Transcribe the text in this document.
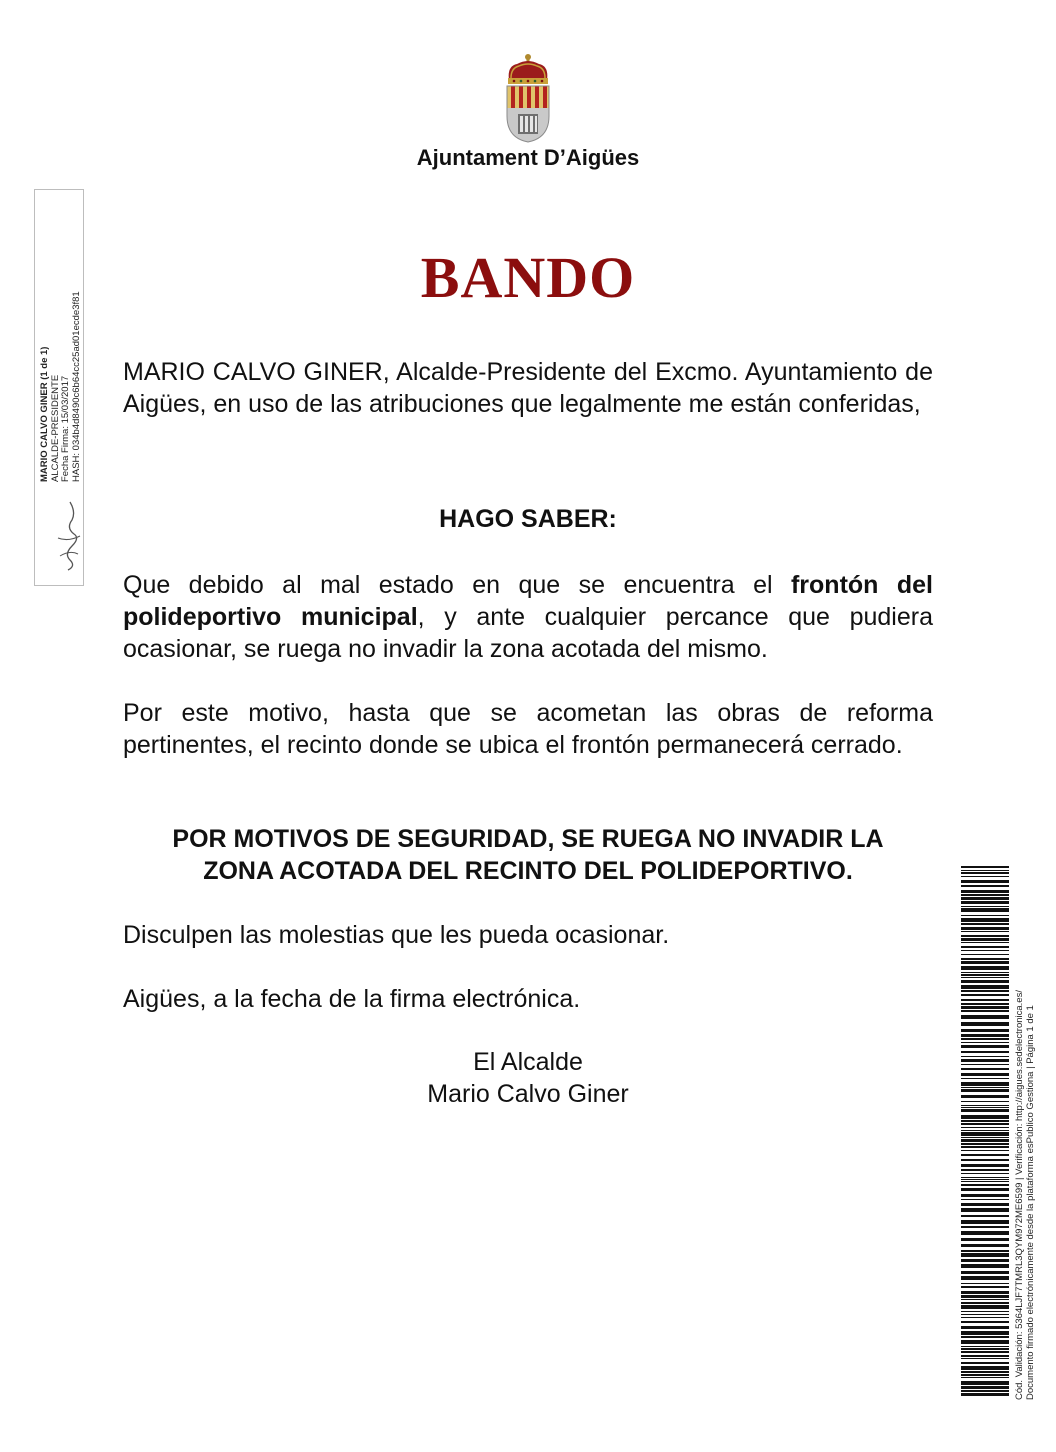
Ajuntament D’Aigües
BANDO

MARIO CALVO GINER, Alcalde-Presidente del Excmo. Ayuntamiento de Aigües, en uso de las atribuciones que legalmente me están conferidas,

HAGO SABER:

Que debido al mal estado en que se encuentra el frontón del polideportivo municipal, y ante cualquier percance que pudiera ocasionar, se ruega no invadir la zona acotada del mismo.

Por este motivo, hasta que se acometan las obras de reforma pertinentes, el recinto donde se ubica el frontón permanecerá cerrado.

POR MOTIVOS DE SEGURIDAD, SE RUEGA NO INVADIR LA
ZONA ACOTADA DEL RECINTO DEL POLIDEPORTIVO.

Disculpen las molestias que les pueda ocasionar.

Aigües, a la fecha de la firma electrónica.

El Alcalde
Mario Calvo Giner
MARIO CALVO GINER (1 de 1) ALCALDE-PRESIDENTE Fecha Firma: 15/03/2017 HASH: 034b4d8490c6b64cc25ad01ecde3f81
Cód. Validación: 5364LJF7TMRL3QYM972ME6599 | Verificación: http://aigues.sedelectronica.es/ Documento firmado electrónicamente desde la plataforma esPublico Gestiona | Página 1 de 1
